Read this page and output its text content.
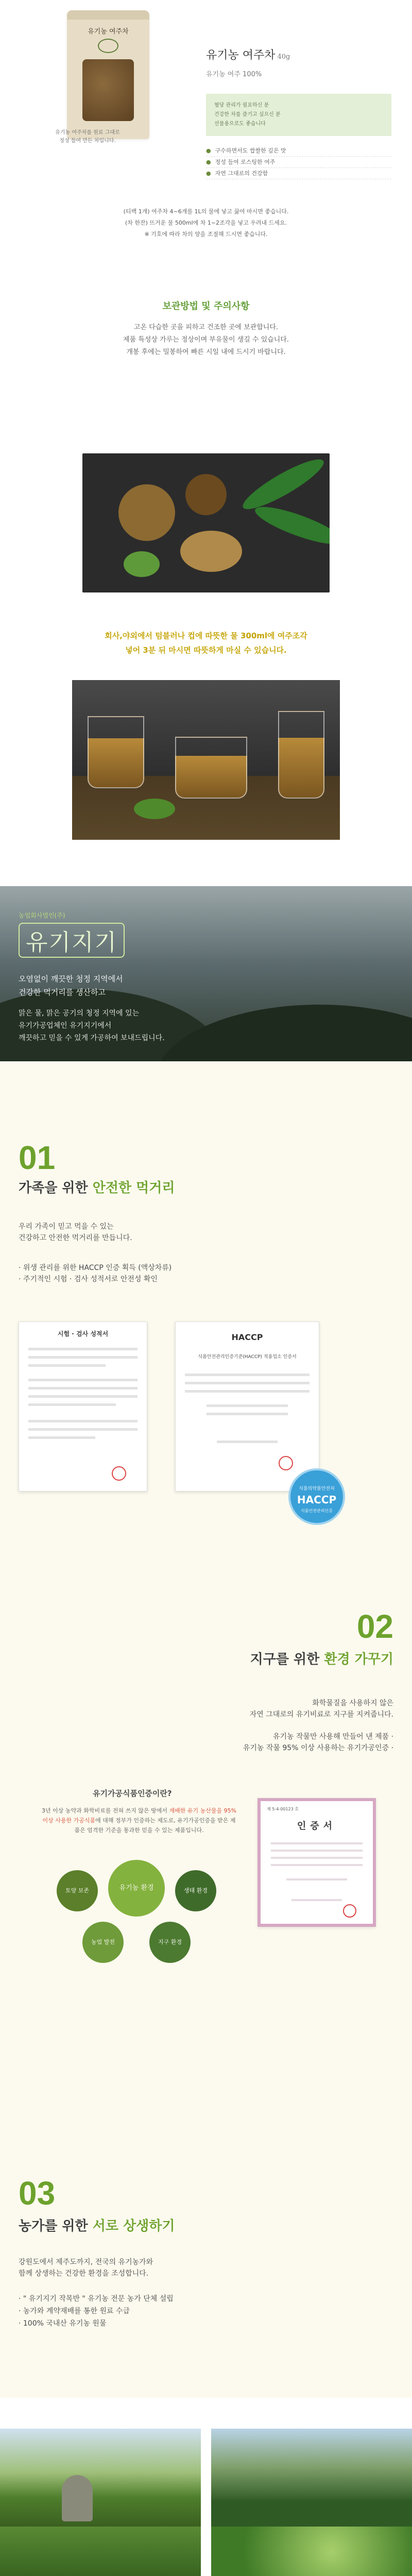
유기농 여주차
유기농 여주차를 원료 그대로
정성 들여 만든 차입니다.
유기농 여주차 40g
유기농 여주 100%
혈당 관리가 필요하신 분
건강한 차를 즐기고 싶으신 분
선물용으로도 좋습니다
● 구수하면서도 쌉쌀한 깊은 맛
● 정성 들여 로스팅한 여주
● 자연 그대로의 건강함
(티백 1개) 여주차 4~6개를 1L의 물에 넣고 끓여 마시면 좋습니다.
(차 한잔) 뜨거운 물 500ml에 차 1~2조각을 넣고 우려내 드세요.
※ 기호에 따라 차의 양을 조절해 드시면 좋습니다.
보관방법 및 주의사항
고온 다습한 곳을 피하고 건조한 곳에 보관합니다.
제품 특성상 가루는 정상이며 부유물이 생길 수 있습니다.
개봉 후에는 밀봉하여 빠른 시일 내에 드시기 바랍니다.
회사,야외에서 텀블러나 컵에 따뜻한 물 300ml에 여주조각
넣어 3분 뒤 마시면 따뜻하게 마실 수 있습니다.
농업회사법인(주)
유기지기
오염없이 깨끗한 청정 지역에서
건강한 먹거리를 생산하고
맑은 물, 맑은 공기의 청정 지역에 있는
유기가공업체인 유기지기에서
깨끗하고 믿을 수 있게 가공하여 보내드립니다.
01
가족을 위한 안전한 먹거리
우리 가족이 믿고 먹을 수 있는
건강하고 안전한 먹거리를 만듭니다.
· 위생 관리를 위한 HACCP 인증 획득 (액상차류)
· 주기적인 시험 · 검사 성적서로 안전성 확인
시험 · 검사 성적서	HACCP
식품안전관리인증기준(HACCP) 적용업소 인증서
식품의약품안전처
HACCP
식품안전관리인증
02
지구를 위한 환경 가꾸기
화학물질을 사용하지 않은
자연 그대로의 유기비료로 지구를 지켜줍니다.
유기농 작물만 사용해 만들어 낸 제품 ·
유기농 작물 95% 이상 사용하는 유기가공인증 ·
유기가공식품인증이란?
3년 이상 농약과 화학비료를 전혀 쓰지 않은 땅에서 재배한 유기 농산물을 95% 이상 사용한 가공식품에 대해 정부가 인증하는 제도로, 유기가공인증을 받은 제품은 엄격한 기준을 통과한 믿을 수 있는 제품입니다.
토양 보존	유기농 환경	생태 환경
농업 발전	지구 환경
제 5-4-00123 호
인증서
03
농가를 위한 서로 상생하기
강원도에서 제주도까지, 전국의 유기농가와
함께 상생하는 건강한 환경을 조성합니다.
· " 유기지기 작목반 " 유기농 전문 농가 단체 설립
· 농가와 계약재배를 통한 원료 수급
· 100% 국내산 유기농 원물
